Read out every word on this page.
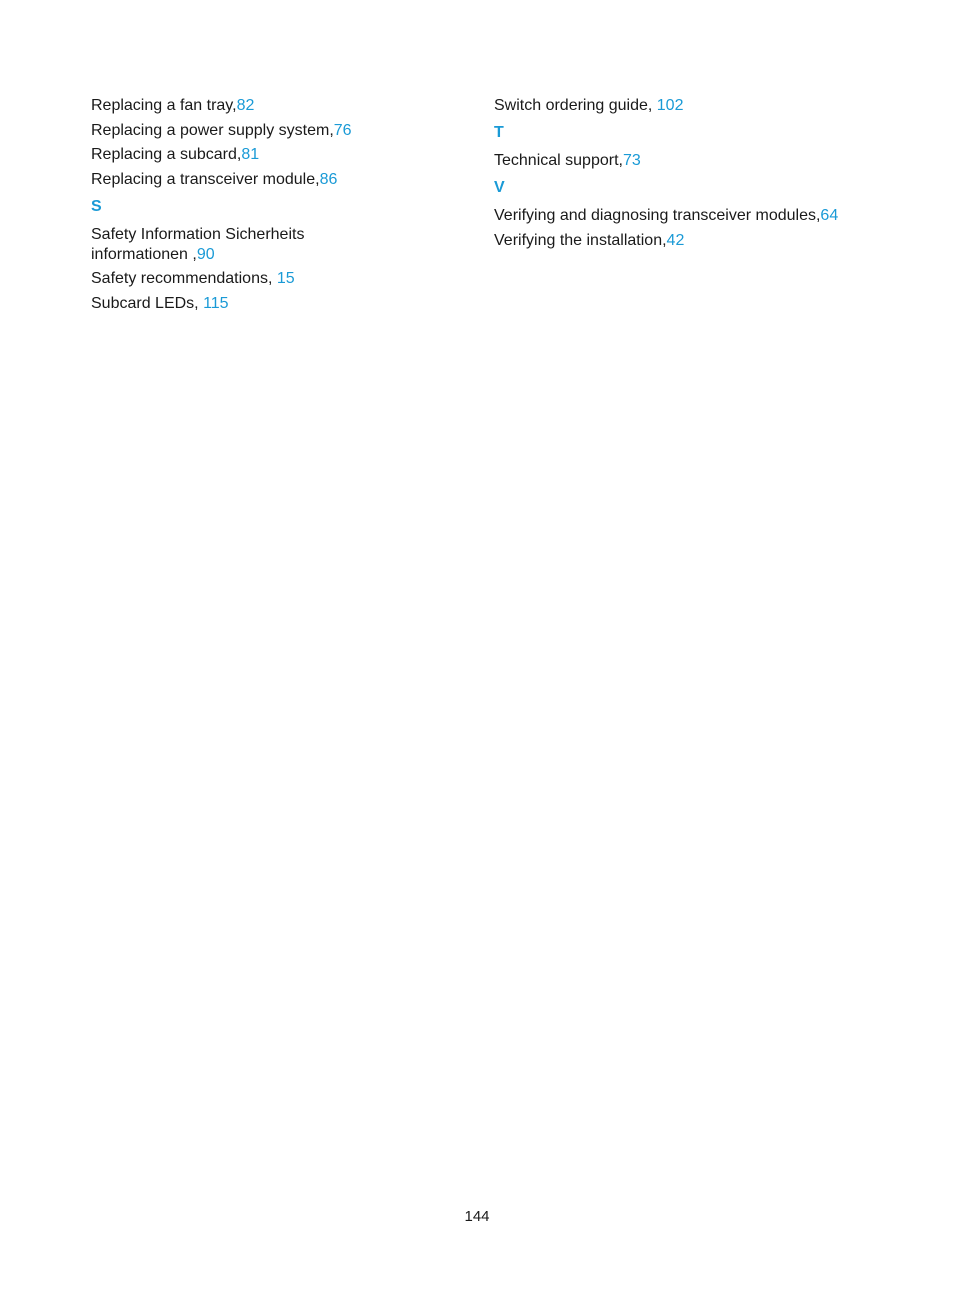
Replacing a fan tray,82
Replacing a power supply system,76
Replacing a subcard,81
Replacing a transceiver module,86
S
Safety Information Sicherheits informationen ,90
Safety recommendations, 15
Subcard LEDs, 115
Switch ordering guide, 102
T
Technical support,73
V
Verifying and diagnosing transceiver modules,64
Verifying the installation,42
144
